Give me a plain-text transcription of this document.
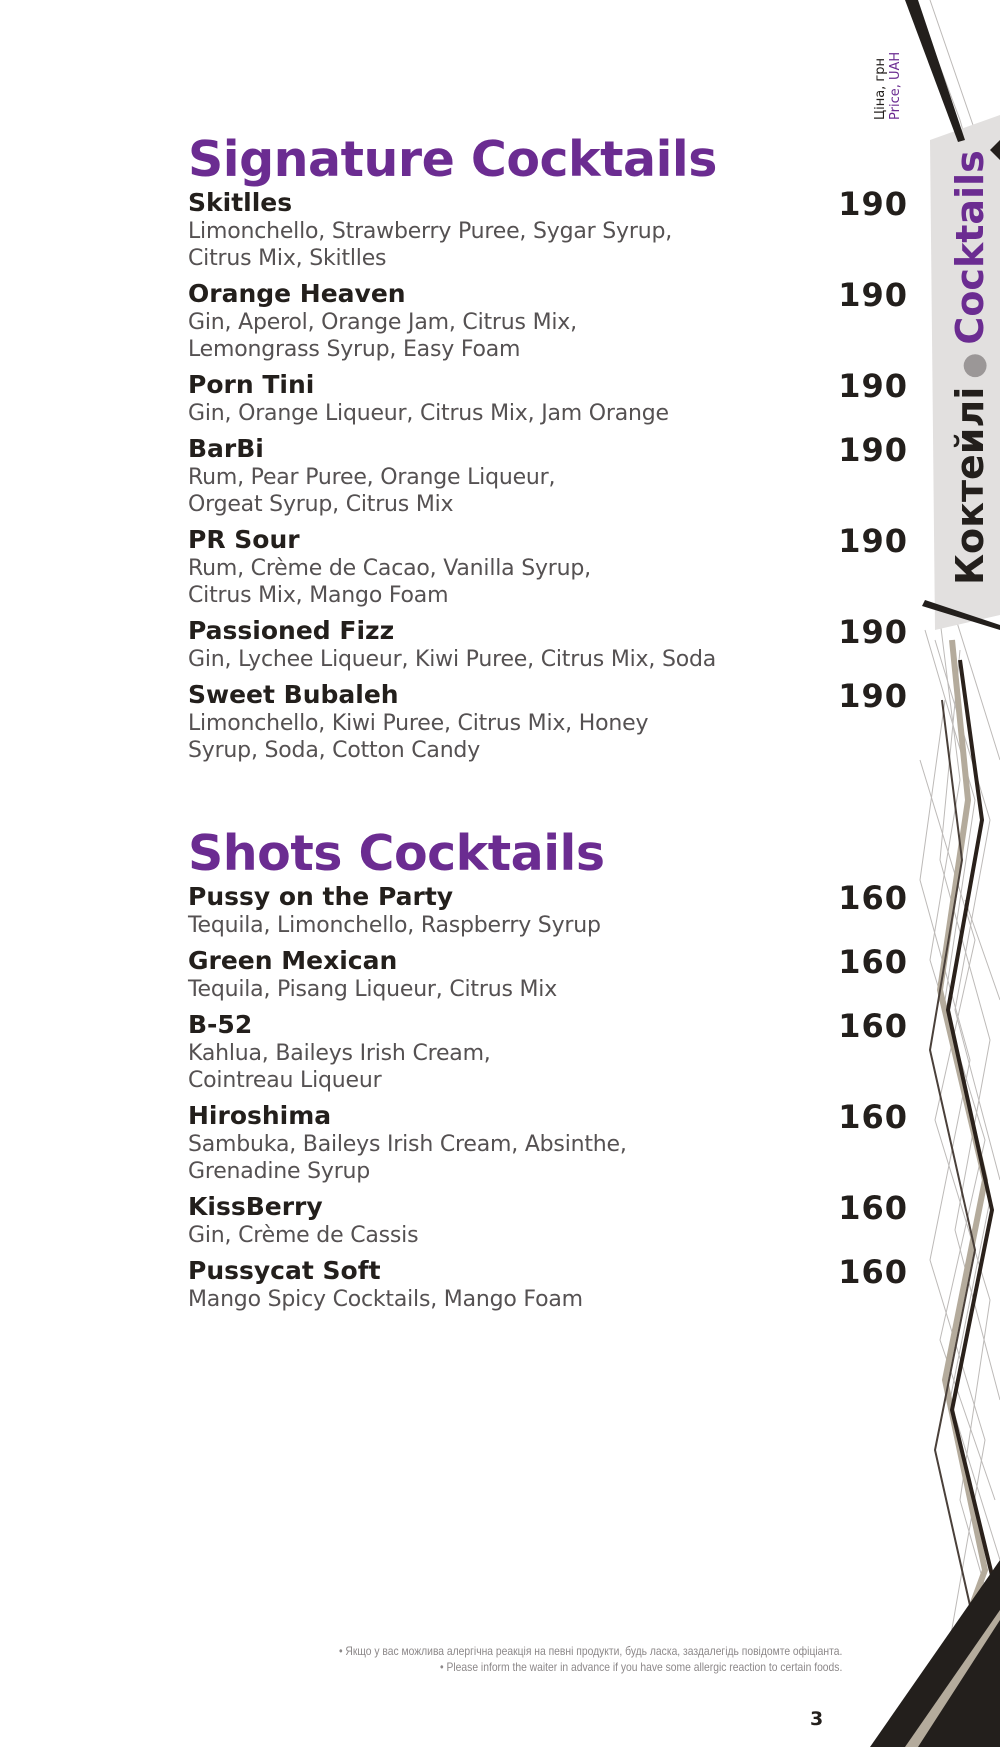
Ціна, грн Price, UAH
Коктейлі●Cocktails
Signature Cocktails
Skitlles
Limonchello, Strawberry Puree, Sygar Syrup,
Citrus Mix, Skitlles
190
Orange Heaven
Gin, Aperol, Orange Jam, Citrus Mix,
Lemongrass Syrup, Easy Foam
190
Porn Tini
Gin, Orange Liqueur, Citrus Mix, Jam Orange
190
BarBi
Rum, Pear Puree, Orange Liqueur,
Orgeat Syrup, Citrus Mix
190
PR Sour
Rum, Crème de Cacao, Vanilla Syrup,
Citrus Mix, Mango Foam
190
Passioned Fizz
Gin, Lychee Liqueur, Kiwi Puree, Citrus Mix, Soda
190
Sweet Bubaleh
Limonchello, Kiwi Puree, Citrus Mix, Honey
Syrup, Soda, Cotton Candy
190
Shots Cocktails
Pussy on the Party
Tequila, Limonchello, Raspberry Syrup
160
Green Mexican
Tequila, Pisang Liqueur, Citrus Mix
160
B-52
Kahlua, Baileys Irish Cream,
Cointreau Liqueur
160
Hiroshima
Sambuka, Baileys Irish Cream, Absinthe,
Grenadine Syrup
160
KissBerry
Gin, Crème de Cassis
160
Pussycat Soft
Mango Spicy Cocktails, Mango Foam
160
• Якщо у вас можлива алергічна реакція на певні продукти, будь ласка, заздалегідь повідомте офіціанта.
• Please inform the waiter in advance if you have some allergic reaction to certain foods.
3
